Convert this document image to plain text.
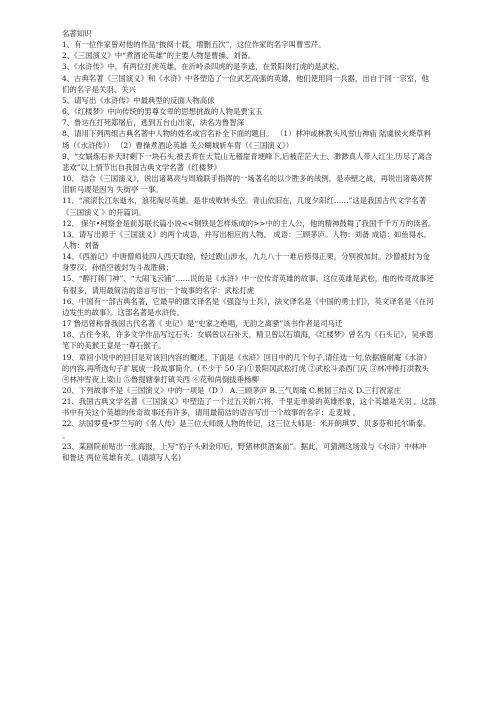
名著知识

1、有一位作家曾对他的作品“披阅十载，增删五次”，这位作家的名字叫曹雪芹。

2、《三国演义》中“煮酒论英雄”的主要人物是曹操、刘备。

3、《水浒传》中，有两位打虎英雄，在沂岭杀四虎的是李逵，在景阳岗打虎的是武松。

4、古典名著《三国演义》和《水浒》中各塑造了一位武艺高强的英雄，他们使用同一兵器，出自于同一宗室，他们的名字是关羽、关兴

5、请写出《水浒传》中最典型的反面人物高俅

6、《红楼梦》中向传统的男尊女卑的思想挑战的人物是贾宝玉

7、鲁达在打死郑屠后，逃到五台山出家，法名为鲁智深

8、请用下列两组古典名著中人物的姓名或官名补全下面的题目。 （1）林冲或林教头风雪山神庙 陆虞侯火烧草料场（《水浒传》） （2）曹操煮酒论英雄 关公糊城斩车胄（《三国演义》）

9、“女娲炼石补天时剩下一块石头,被丢弃在大荒山无稽崖青埂峰下,后被茫茫大士、渺渺真人带入红尘,历尽了离合悲欢”以上情节出自我国古典文学名著《红楼梦》

10、 结合《三国演义》，说出诸葛亮与周瑜联手指挥的一场著名的以少胜多的战例，是赤壁之战，再说出诸葛亮挥泪斩马谡是因为 失街亭 一事。

11、“滚滚长江东逝水，浪花淘尽英雄。是非成败转头空。青山依旧在，几度夕阳红……”这是我国古代文学名著《三国演义 》的开篇词。

12、 保尔•柯察金是前苏联长篇小说<<钢铁是怎样炼成的>>中的主人公，他的精神鼓舞了我国千千万万的读者。

13、请写出源于《三国演义》的两个成语，并写出相应的人物。 成语：三顾茅庐。人物：刘备 成语：如鱼得水。人物：刘备

14、《西游记》中唐僧师徒四人西天取经，经过跋山涉水，九九八十一难后修得正果，分别被加封。沙僧被封为金身罗汉；孙悟空被封为斗战胜佛；

15、“醉打蒋门神”、“大闹飞云浦”……说的是《水浒》中一位传奇英雄的故事。这位英雄是武松，他的传奇故事还有很多，请用最简洁的语言写出一个故事的名字：武松打虎

16、中国有一部古典名著，它最早的德文译名是《强盗与士兵》，法文译名是《中国的勇士们》，英文译名是《在河边发生的故事》。这部名著是水浒传。

17 鲁迅曾称誉我国古代名著《 史记》是“史家之绝唱，无韵之离骚”该书作者是司马迁

18、古往今来，许多文学作品写过石头：女娲曾以石补天，精卫曾以石填海，《红楼梦》曾名为《石头记》，吴承恩笔下的美猴王竟是一尊石猴子。

19、章回小说中的回目是对该回内容的概述。下面是《水浒》回目中的几个句子,请任选一句,依据施耐庵《水浒》的内容,再所选句子扩展成一段故事简介。(不少于 50 字)①景阳冈武松打虎 ②武松斗杀西门庆 ③林冲棒打洪教头 ④林冲雪夜上梁山 ⑤鲁提辖拳打镇关西 ⑥花和尚倒拔垂杨柳

20、下列故事不是《三国演义》中的一项是（D ） A.三顾茅庐 B.三气周瑜 C.桃园三结义 D.三打祝家庄

21、我国古典文学名著《三国演义》中塑造了一个过五关斩六将、千里走单骑的英雄形象，这个英雄是关羽 。这部书中有关这个英雄的传奇故事还有许多，请用最简洁的语言写出一个故事的名字：走麦城 。

22、法国罗曼•罗兰写的《名人传》是三位大师级人物的传记，这三位大师是：米开朗琪罗、贝多芬和托尔斯泰。 。

23、某剧院前贴出一张海报，上写“豹子头刺金印后，野猪林供酒案前”。据此，可猜测这场戏与《水浒》中林冲 和鲁达 两位英雄有关。(请填写人名)
